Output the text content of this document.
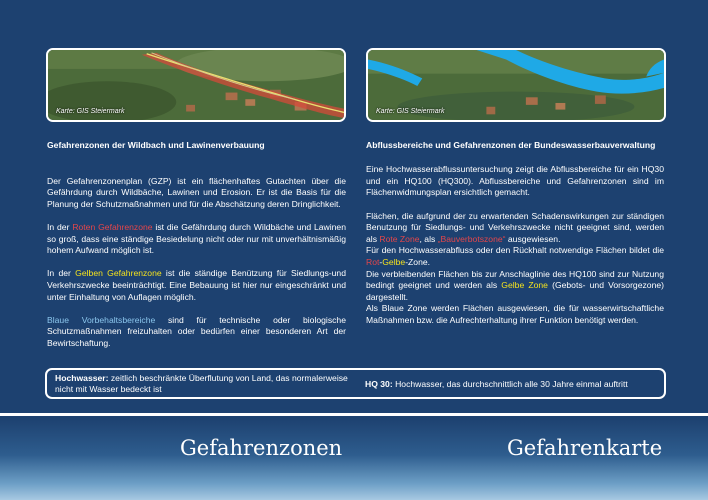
Karte: GIS Steiermark	Karte: GIS Steiermark
Gefahrenzonen der Wildbach und Lawinenverbauung

Der Gefahrenzonenplan (GZP) ist ein flächenhaftes Gutachten über die Gefährdung durch Wildbäche, Lawinen und Erosion. Er ist die Basis für die Planung der Schutzmaßnahmen und für die Abschätzung deren Dringlichkeit.

In der Roten Gefahrenzone ist die Gefährdung durch Wildbäche und Lawinen so groß, dass eine ständige Besiedelung nicht oder nur mit unverhältnismäßig hohem Aufwand möglich ist.

In der Gelben Gefahrenzone ist die ständige Benützung für Siedlungs-und Verkehrszwecke beeinträchtigt. Eine Bebauung ist hier nur eingeschränkt und unter Einhaltung von Auflagen möglich.

Blaue Vorbehaltsbereiche sind für technische oder biologische Schutzmaßnahmen freizuhalten oder bedürfen einer besonderen Art der Bewirtschaftung.

Abflussbereiche und Gefahrenzonen der Bundeswasserbauverwaltung

Eine Hochwasserabflussuntersuchung zeigt die Abflussbereiche für ein HQ30 und ein HQ100 (HQ300). Abflussbereiche und Gefahrenzonen sind im Flächenwidmungsplan ersichtlich gemacht.

Flächen, die aufgrund der zu erwartenden Schadenswirkungen zur ständigen Benutzung für Siedlungs- und Verkehrszwecke nicht geeignet sind, werden als Rote Zone, als „Bauverbotszone“ ausgewiesen.

Für den Hochwasserabfluss oder den Rückhalt notwendige Flächen bildet die Rot-Gelbe-Zone.

Die verbleibenden Flächen bis zur Anschlaglinie des HQ100 sind zur Nutzung bedingt geeignet und werden als Gelbe Zone (Gebots- und Vorsorgezone) dargestellt.

Als Blaue Zone werden Flächen ausgewiesen, die für wasserwirtschaftliche Maßnahmen bzw. die Aufrechterhaltung ihrer Funktion benötigt werden.

Hochwasser: zeitlich beschränkte Überflutung von Land, das normalerweise nicht mit Wasser bedeckt ist	HQ 30: Hochwasser, das durchschnittlich alle 30 Jahre einmal auftritt
Gefahrenzonen	Gefahrenkarte
